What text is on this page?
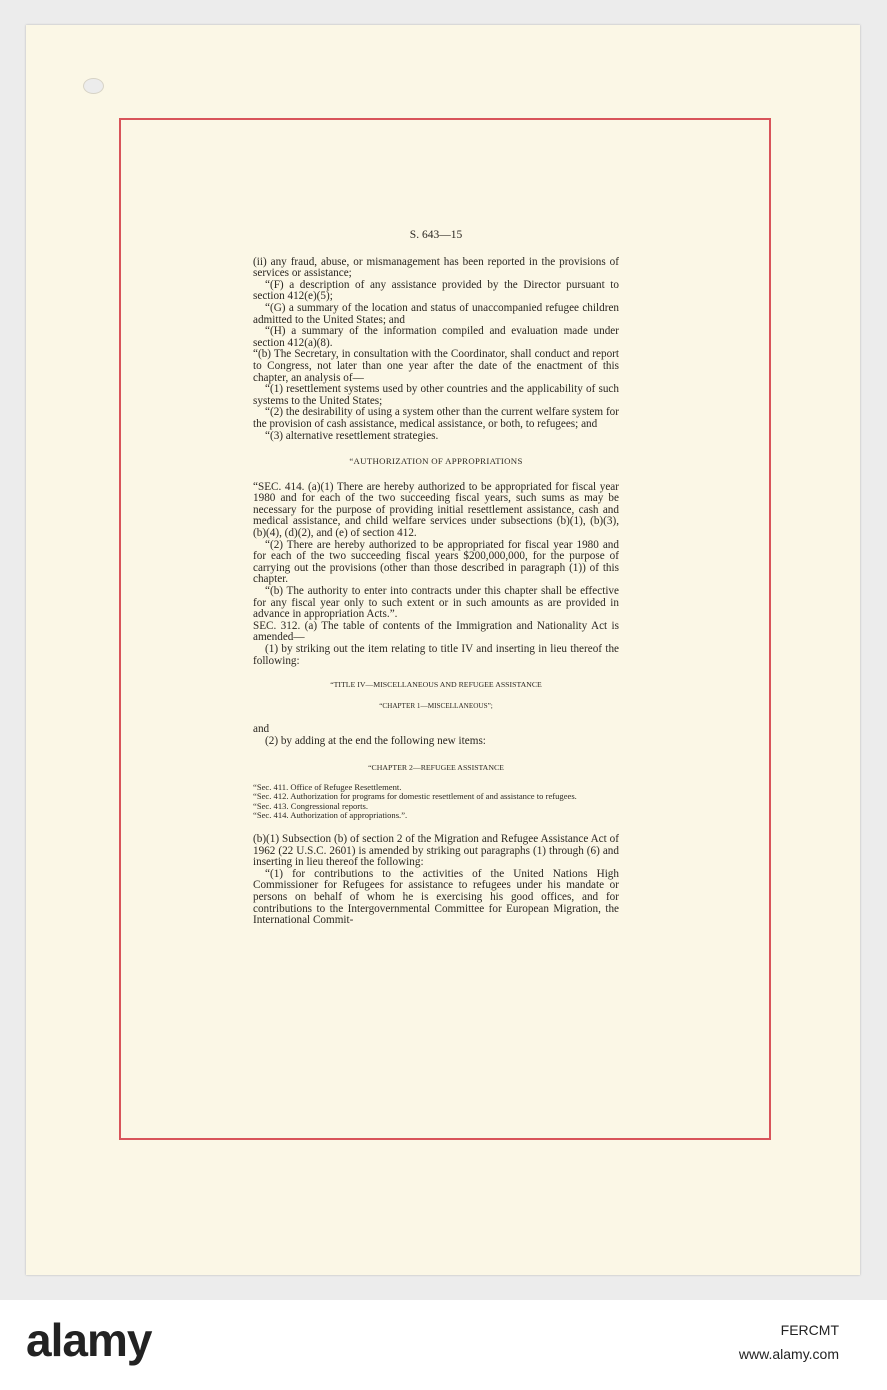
S. 643—15

(ii) any fraud, abuse, or mismanagement has been reported in the provisions of services or assistance;

“(F) a description of any assistance provided by the Director pursuant to section 412(e)(5);

“(G) a summary of the location and status of unaccompanied refugee children admitted to the United States; and

“(H) a summary of the information compiled and evaluation made under section 412(a)(8).

“(b) The Secretary, in consultation with the Coordinator, shall conduct and report to Congress, not later than one year after the date of the enactment of this chapter, an analysis of—

“(1) resettlement systems used by other countries and the applicability of such systems to the United States;

“(2) the desirability of using a system other than the current welfare system for the provision of cash assistance, medical assistance, or both, to refugees; and

“(3) alternative resettlement strategies.

“AUTHORIZATION OF APPROPRIATIONS

“SEC. 414. (a)(1) There are hereby authorized to be appropriated for fiscal year 1980 and for each of the two succeeding fiscal years, such sums as may be necessary for the purpose of providing initial resettlement assistance, cash and medical assistance, and child welfare services under subsections (b)(1), (b)(3), (b)(4), (d)(2), and (e) of section 412.

“(2) There are hereby authorized to be appropriated for fiscal year 1980 and for each of the two succeeding fiscal years $200,000,000, for the purpose of carrying out the provisions (other than those described in paragraph (1)) of this chapter.

“(b) The authority to enter into contracts under this chapter shall be effective for any fiscal year only to such extent or in such amounts as are provided in advance in appropriation Acts.”.

SEC. 312. (a) The table of contents of the Immigration and Nationality Act is amended—

(1) by striking out the item relating to title IV and inserting in lieu thereof the following:

“TITLE IV—MISCELLANEOUS AND REFUGEE ASSISTANCE
“CHAPTER 1—MISCELLANEOUS”;

and

(2) by adding at the end the following new items:

“CHAPTER 2—REFUGEE ASSISTANCE
“Sec. 411. Office of Refugee Resettlement.
“Sec. 412. Authorization for programs for domestic resettlement of and assistance to refugees.
“Sec. 413. Congressional reports.
“Sec. 414. Authorization of appropriations.”.

(b)(1) Subsection (b) of section 2 of the Migration and Refugee Assistance Act of 1962 (22 U.S.C. 2601) is amended by striking out paragraphs (1) through (6) and inserting in lieu thereof the following:

“(1) for contributions to the activities of the United Nations High Commissioner for Refugees for assistance to refugees under his mandate or persons on behalf of whom he is exercising his good offices, and for contributions to the Intergovernmental Committee for European Migration, the International Commit-

alamy	FERCMT
www.alamy.com
